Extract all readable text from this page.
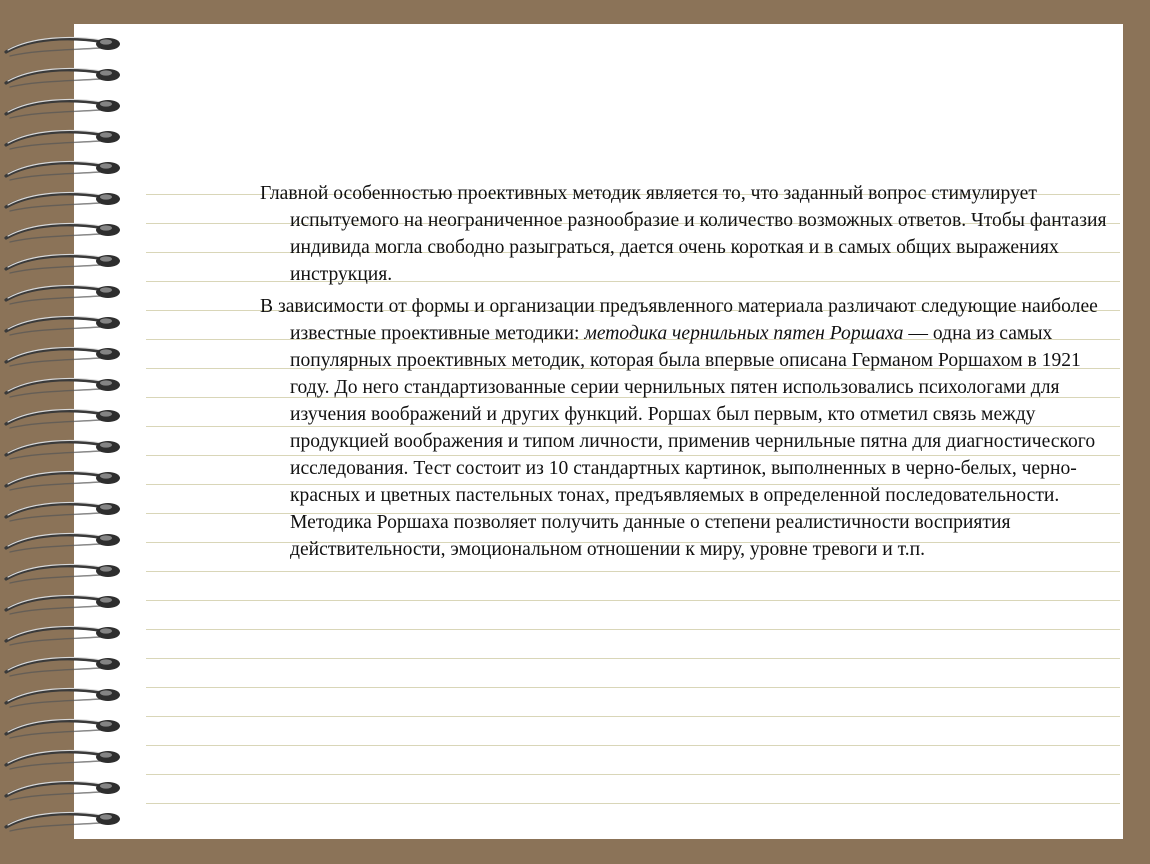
Главной особенностью проективных методик является то, что заданный вопрос стимулирует испытуемого на неограниченное разнообразие и количество возможных ответов. Чтобы фантазия индивида могла свободно разыграться, дается очень короткая и в самых общих выражениях инструкция.

В зависимости от формы и организации предъявленного материала различают следующие наиболее известные проективные методики: методика чернильных пятен Роршаха — одна из самых популярных проективных методик, которая была впервые описана Германом Роршахом в 1921 году. До него стандартизованные серии чернильных пятен использовались психологами для изучения воображений и других функций. Роршах был первым, кто отметил связь между продукцией воображения и типом личности, применив чернильные пятна для диагностического исследования. Тест состоит из 10 стандартных картинок, выполненных в черно-белых, черно-красных и цветных пастельных тонах, предъявляемых в определенной последовательности. Методика Роршаха позволяет получить данные о степени реалистичности восприятия действительности, эмоциональном отношении к миру, уровне тревоги и т.п.
